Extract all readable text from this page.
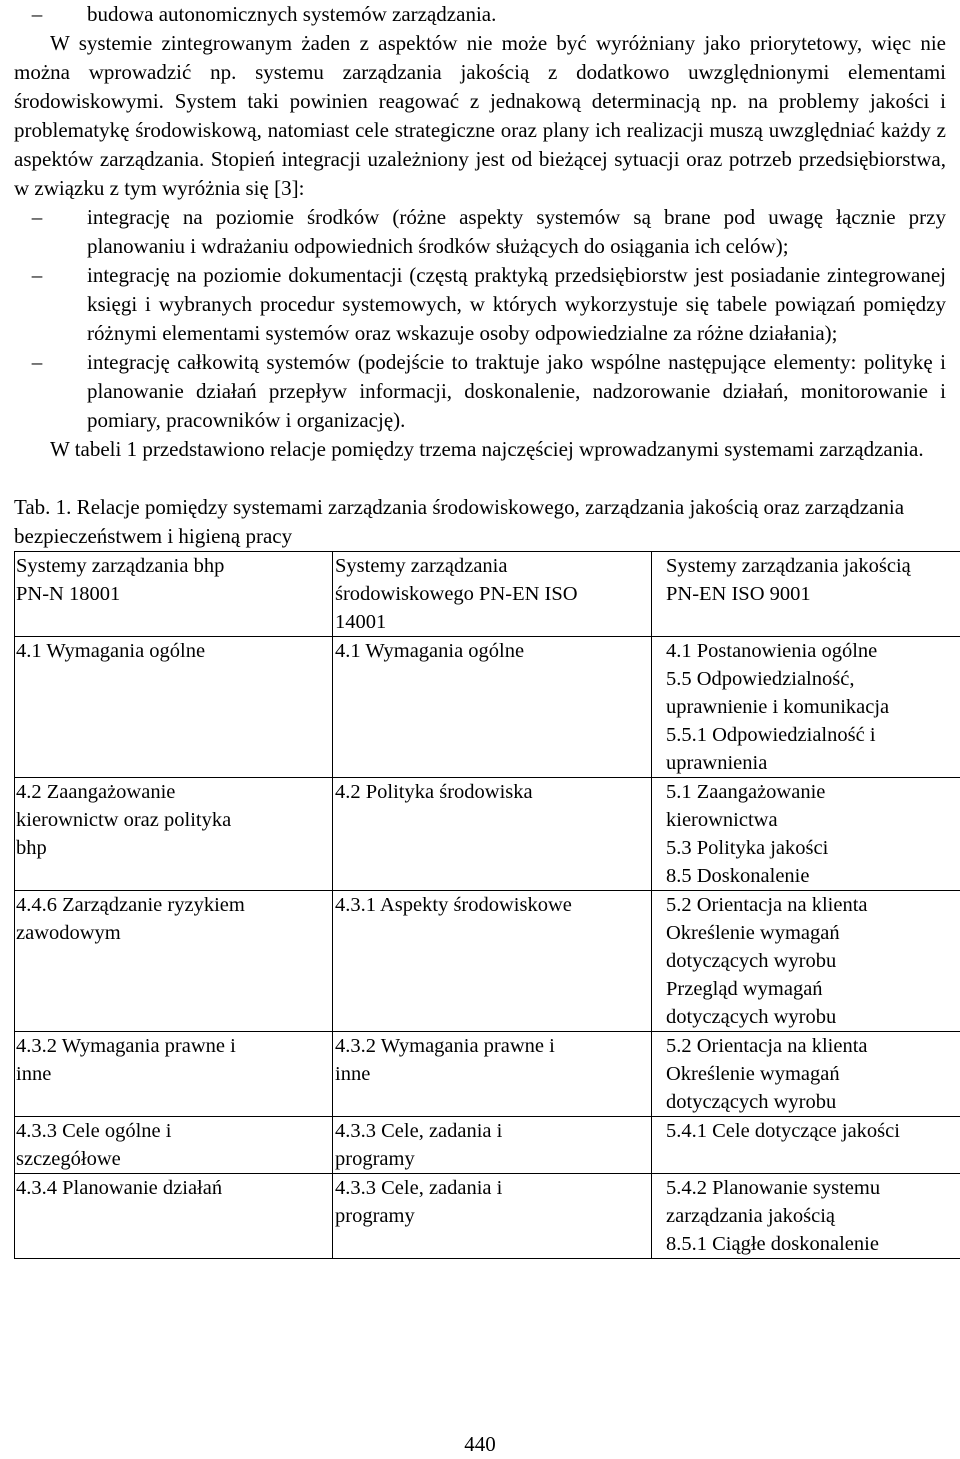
– budowa autonomicznych systemów zarządzania.

W systemie zintegrowanym żaden z aspektów nie może być wyróżniany jako priorytetowy, więc nie można wprowadzić np. systemu zarządzania jakością z dodatkowo uwzględnionymi elementami środowiskowymi. System taki powinien reagować z jednakową determinacją np. na problemy jakości i problematykę środowiskową, natomiast cele strategiczne oraz plany ich realizacji muszą uwzględniać każdy z aspektów zarządzania. Stopień integracji uzależniony jest od bieżącej sytuacji oraz potrzeb przedsiębiorstwa, w związku z tym wyróżnia się [3]:

– integrację na poziomie środków (różne aspekty systemów są brane pod uwagę łącznie przy planowaniu i wdrażaniu odpowiednich środków służących do osiągania ich celów);
– integrację na poziomie dokumentacji (częstą praktyką przedsiębiorstw jest posiadanie zintegrowanej księgi i wybranych procedur systemowych, w których wykorzystuje się tabele powiązań pomiędzy różnymi elementami systemów oraz wskazuje osoby odpowiedzialne za różne działania);
– integrację całkowitą systemów (podejście to traktuje jako wspólne następujące elementy: politykę i planowanie działań przepływ informacji, doskonalenie, nadzorowanie działań, monitorowanie i pomiary, pracowników i organizację).

W tabeli 1 przedstawiono relacje pomiędzy trzema najczęściej wprowadzanymi systemami zarządzania.

Tab. 1. Relacje pomiędzy systemami zarządzania środowiskowego, zarządzania jakością oraz zarządzania bezpieczeństwem i higieną pracy

Systemy zarządzania bhp
PN-N 18001	Systemy zarządzania
środowiskowego PN-EN ISO
14001	Systemy zarządzania jakością
PN-EN ISO 9001

4.1 Wymagania ogólne	4.1 Wymagania ogólne	4.1 Postanowienia ogólne
5.5 Odpowiedzialność,
uprawnienie i komunikacja
5.5.1 Odpowiedzialność i
uprawnienia

4.2 Zaangażowanie
kierownictw oraz polityka
bhp	4.2 Polityka środowiska	5.1 Zaangażowanie
kierownictwa
5.3 Polityka jakości
8.5 Doskonalenie

4.4.6 Zarządzanie ryzykiem
zawodowym	4.3.1 Aspekty środowiskowe	5.2 Orientacja na klienta
Określenie wymagań
dotyczących wyrobu
Przegląd wymagań
dotyczących wyrobu

4.3.2 Wymagania prawne i
inne	4.3.2 Wymagania prawne i
inne	5.2 Orientacja na klienta
Określenie wymagań
dotyczących wyrobu

4.3.3 Cele ogólne i
szczegółowe	4.3.3 Cele, zadania i
programy	5.4.1 Cele dotyczące jakości

4.3.4 Planowanie działań	4.3.3 Cele, zadania i
programy	5.4.2 Planowanie systemu
zarządzania jakością
8.5.1 Ciągłe doskonalenie
440
